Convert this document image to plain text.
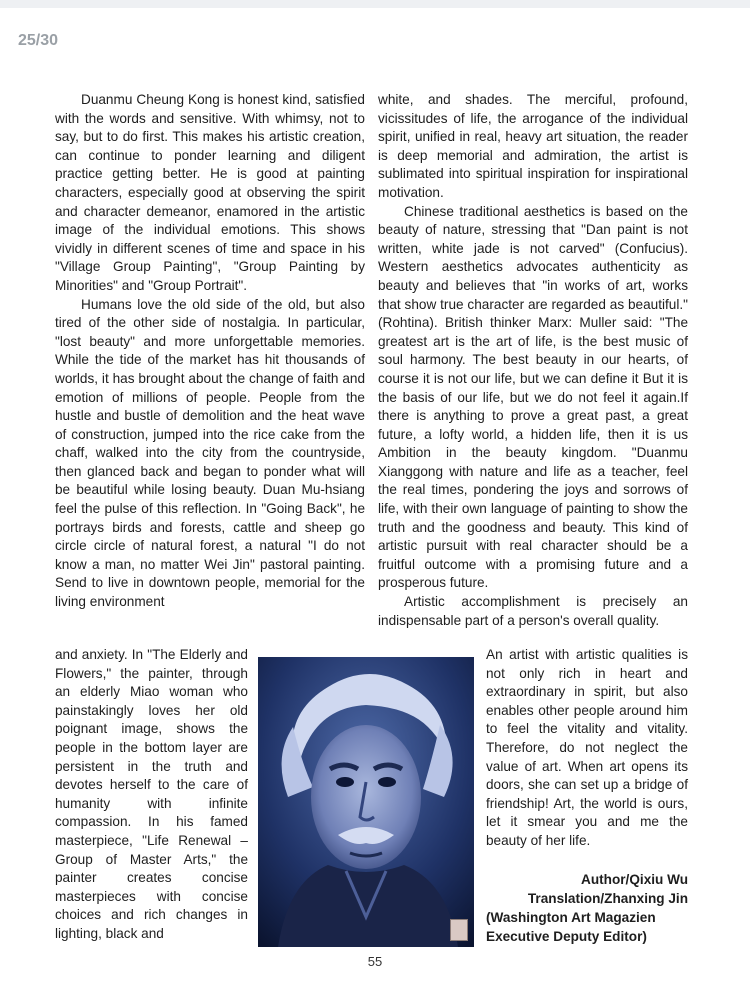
25/30

Duanmu Cheung Kong is honest kind, satisfied with the words and sensitive. With whimsy, not to say, but to do first. This makes his artistic creation, can continue to ponder learning and diligent practice getting better. He is good at painting characters, especially good at observing the spirit and character demeanor, enamored in the artistic image of the individual emotions. This shows vividly in different scenes of time and space in his "Village Group Painting", "Group Painting by Minorities" and "Group Portrait".

Humans love the old side of the old, but also tired of the other side of nostalgia. In particular, "lost beauty" and more unforgettable memories. While the tide of the market has hit thousands of worlds, it has brought about the change of faith and emotion of millions of people. People from the hustle and bustle of demolition and the heat wave of construction, jumped into the rice cake from the chaff, walked into the city from the countryside, then glanced back and began to ponder what will be beautiful while losing beauty. Duan Mu-hsiang feel the pulse of this reflection. In "Going Back", he portrays birds and forests, cattle and sheep go circle circle of natural forest, a natural "I do not know a man, no matter Wei Jin" pastoral painting. Send to live in downtown people, memorial for the living environment

white, and shades. The merciful, profound, vicissitudes of life, the arrogance of the individual spirit, unified in real, heavy art situation, the reader is deep memorial and admiration, the artist is sublimated into spiritual inspiration for inspirational motivation.

Chinese traditional aesthetics is based on the beauty of nature, stressing that "Dan paint is not written, white jade is not carved" (Confucius). Western aesthetics advocates authenticity as beauty and believes that "in works of art, works that show true character are regarded as beautiful." (Rohtina). British thinker Marx: Muller said: "The greatest art is the art of life, is the best music of soul harmony. The best beauty in our hearts, of course it is not our life, but we can define it But it is the basis of our life, but we do not feel it again.If there is anything to prove a great past, a great future, a lofty world, a hidden life, then it is us Ambition in the beauty kingdom. "Duanmu Xianggong with nature and life as a teacher, feel the real times, pondering the joys and sorrows of life, with their own language of painting to show the truth and the goodness and beauty. This kind of artistic pursuit with real character should be a fruitful outcome with a promising future and a prosperous future.

Artistic accomplishment is precisely an indispensable part of a person's overall quality.

and anxiety. In "The Elderly and Flowers," the painter, through an elderly Miao woman who painstakingly loves her old poignant image, shows the people in the bottom layer are persistent in the truth and devotes herself to the care of humanity with infinite compassion. In his famed masterpiece, "Life Renewal – Group of Master Arts," the painter creates concise masterpieces with concise choices and rich changes in lighting, black and

An artist with artistic qualities is not only rich in heart and extraordinary in spirit, but also enables other people around him to feel the vitality and vitality. Therefore, do not neglect the value of art. When art opens its doors, she can set up a bridge of friendship! Art, the world is ours, let it smear you and me the beauty of her life.

Author/Qixiu Wu
Translation/Zhanxing Jin
(Washington Art Magazien
Executive Deputy Editor)
55
